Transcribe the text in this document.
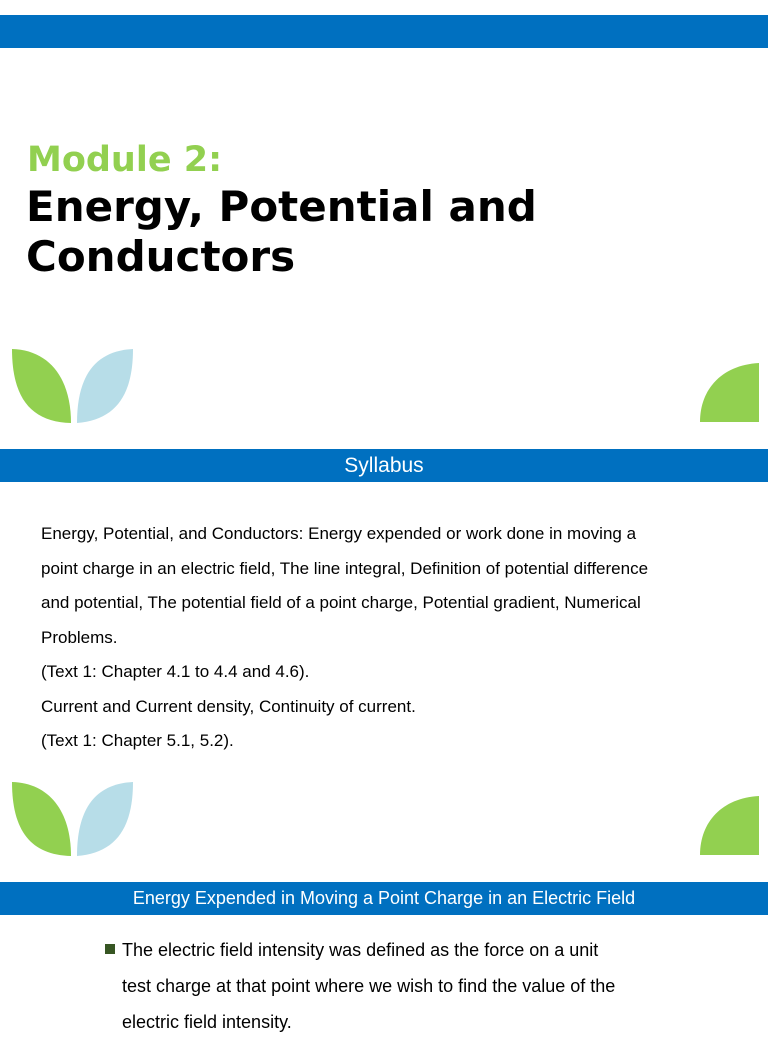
Module 2:
Energy, Potential and Conductors
Syllabus
Energy, Potential, and Conductors: Energy expended or work done in moving a
point charge in an electric field, The line integral, Definition of potential difference
and potential, The potential field of a point charge, Potential gradient, Numerical
Problems.
(Text 1: Chapter 4.1 to 4.4 and 4.6).
Current and Current density, Continuity of current.
(Text 1: Chapter 5.1, 5.2).
Energy Expended in Moving a Point Charge in an Electric Field
The electric field intensity was defined as the force on a unit
test charge at that point where we wish to find the value of the
electric field intensity.
